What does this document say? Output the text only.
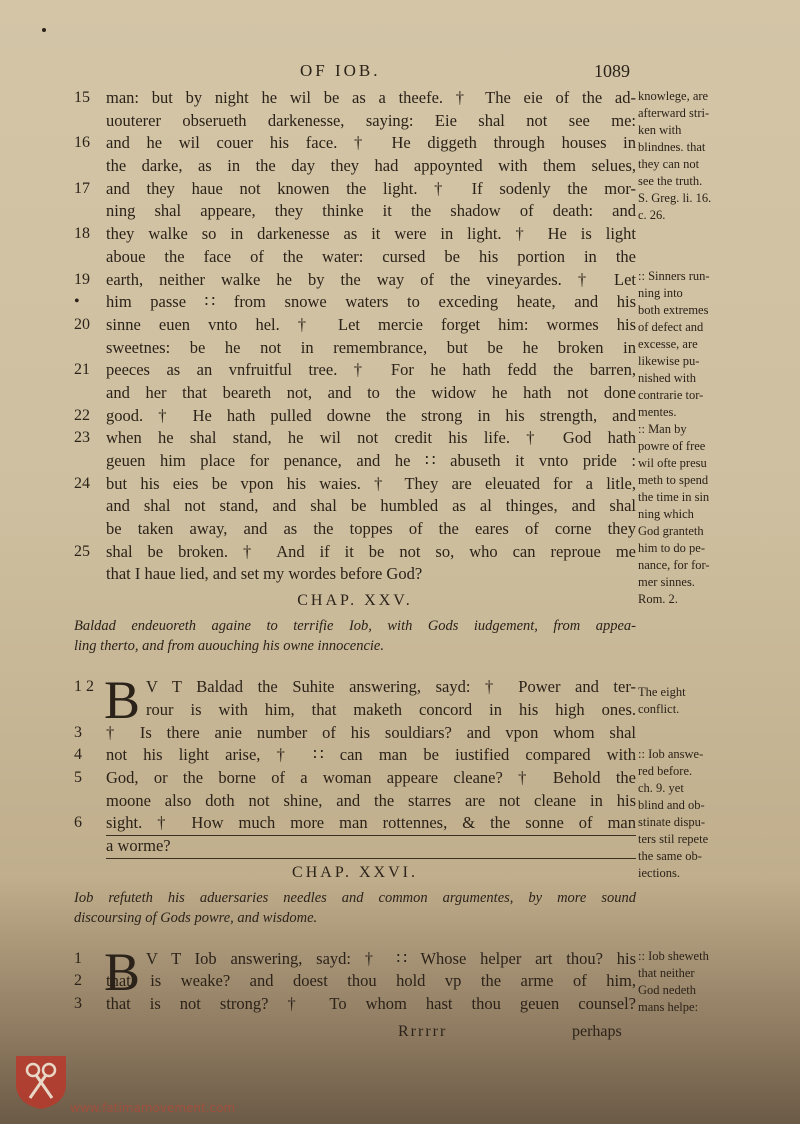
OF IOB.	1089
15 man: but by night he wil be as a theefe. † The eie of the ad-
uouterer obserueth darkenesse, saying: Eie shal not see me:
16 and he wil couer his face. † He diggeth through houses in
the darke, as in the day they had appoynted with them selues,
17 and they haue not knowen the light. † If sodenly the mor-
ning shal appeare, they thinke it the shadow of death: and
18 they walke so in darkenesse as it were in light. † He is light
aboue the face of the water: cursed be his portion in the
19 earth, neither walke he by the way of the vineyardes. † Let
•	him passe ∷ from snowe waters to exceding heate, and his
20 sinne euen vnto hel. † Let mercie forget him: wormes his
sweetnes: be he not in remembrance, but be he broken in
21 peeces as an vnfruitful tree. † For he hath fedd the barren,
and her that beareth not, and to the widow he hath not done
22 good. † He hath pulled downe the strong in his strength, and
23 when he shal stand, he wil not credit his life. † God hath
geuen him place for penance, and he ∷ abuseth it vnto pride :
24 but his eies be vpon his waies. † They are eleuated for a litle,
and shal not stand, and shal be humbled as al thinges, and shal
be taken away, and as the toppes of the eares of corne they
25 shal be broken. † And if it be not so, who can reproue me
that I haue lied, and set my wordes before God?
CHAP. XXV.
Baldad endeuoreth againe to terrifie Iob, with Gods iudgement, from appea-
ling therto, and from auouching his owne innocencie.
1 2 B V T Baldad the Suhite answering, sayd: † Power and ter-
rour is with him, that maketh concord in his high ones.
3	† Is there anie number of his souldiars? and vpon whom shal
4	not his light arise, † ∷ can man be iustified compared with
5	God, or the borne of a woman appeare cleane? † Behold the
moone also doth not shine, and the starres are not cleane in his
6	sight. † How much more man rottennes, & the sonne of man
a worme?
CHAP. XXVI.
Iob refuteth his aduersaries needles and common argumentes, by more sound
discoursing of Gods powre, and wisdome.
1 B V T Iob answering, sayd: † ∷ Whose helper art thou? his
2	that is weake? and doest thou hold vp the arme of him,
3	that is not strong? † To whom hast thou geuen counsel?
knowlege, are
afterward stri-
ken with
blindnes. that
they can not
see the truth.
S. Greg. li. 16.
c. 26.
:: Sinners run-
ning into
both extremes
of defect and
excesse, are
likewise pu-
nished with
contrarie tor-
mentes.
:: Man by
powre of free
wil ofte presu
meth to spend
the time in sin
ning which
God granteth
him to do pe-
nance, for for-
mer sinnes.
Rom. 2.
The eight
conflict.
:: Iob answe-
red before.
ch. 9. yet
blind and ob-
stinate dispu-
ters stil repete
the same ob-
iections.
:: Iob sheweth
that neither
God nedeth
mans helpe:
Rrrrrr	perhaps
www.fatimamovement.com
